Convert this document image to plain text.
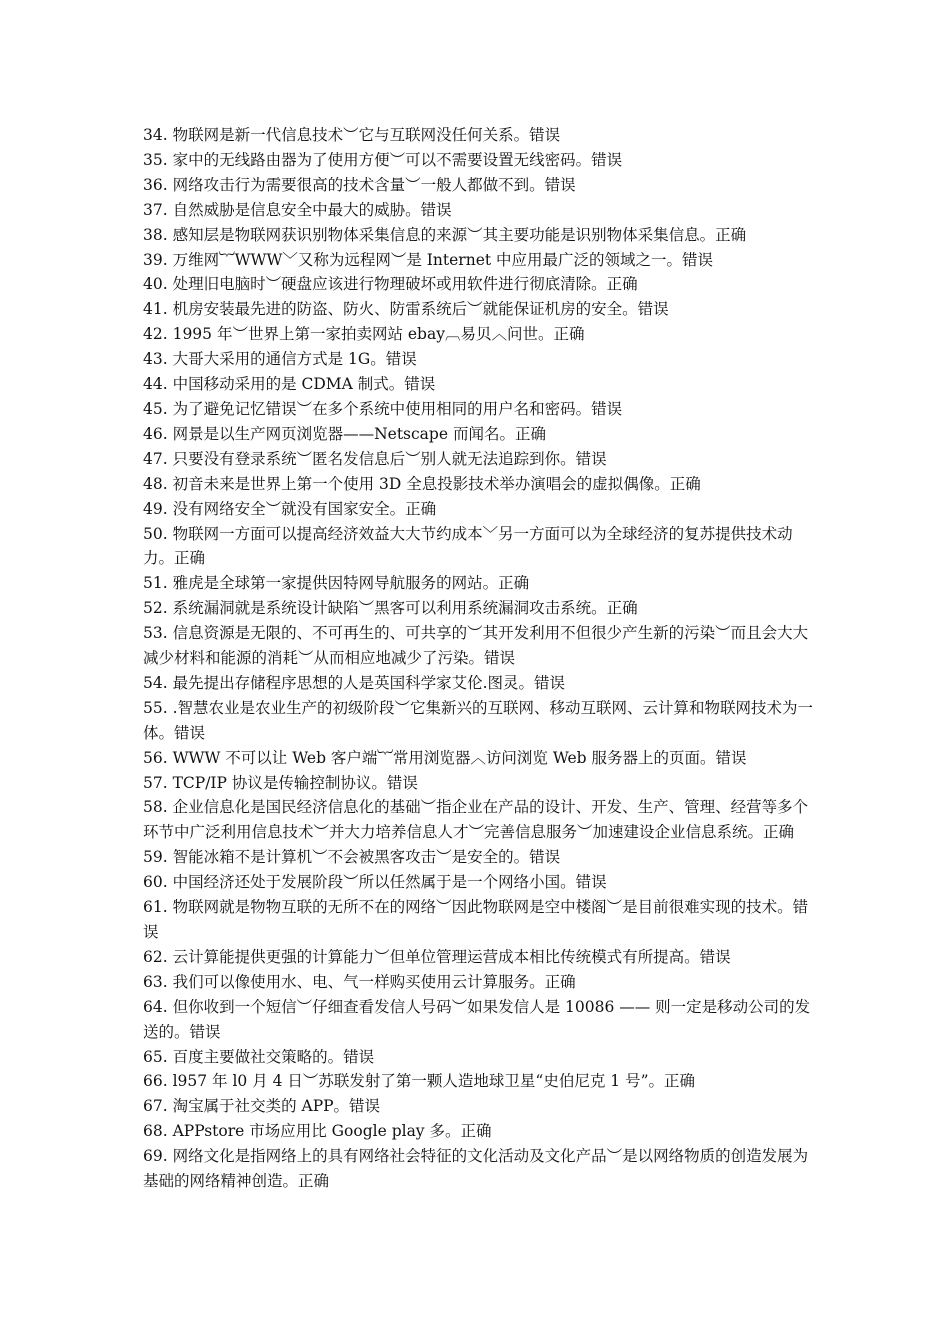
34. 物联网是新一代信息技术︶它与互联网没任何关系。错误

35. 家中的无线路由器为了使用方便︶可以不需要设置无线密码。错误

36. 网络攻击行为需要很高的技术含量︶一般人都做不到。错误

37. 自然威胁是信息安全中最大的威胁。错误

38. 感知层是物联网获识别物体采集信息的来源︶其主要功能是识别物体采集信息。正确

39. 万维网︸WWW﹀又称为远程网︶是 Internet 中应用最广泛的领域之一。错误

40. 处理旧电脑时︶硬盘应该进行物理破坏或用软件进行彻底清除。正确

41. 机房安装最先进的防盗、防火、防雷系统后︶就能保证机房的安全。错误

42. 1995 年︶世界上第一家拍卖网站 ebay︹易贝︿问世。正确

43. 大哥大采用的通信方式是 1G。错误

44. 中国移动采用的是 CDMA 制式。错误

45. 为了避免记忆错误︶在多个系统中使用相同的用户名和密码。错误

46. 网景是以生产网页浏览器——Netscape 而闻名。正确

47. 只要没有登录系统︶匿名发信息后︶别人就无法追踪到你。错误

48. 初音未来是世界上第一个使用 3D 全息投影技术举办演唱会的虚拟偶像。正确

49. 没有网络安全︶就没有国家安全。正确

50. 物联网一方面可以提高经济效益大大节约成本﹀另一方面可以为全球经济的复苏提供技术动力。正确

51. 雅虎是全球第一家提供因特网导航服务的网站。正确

52. 系统漏洞就是系统设计缺陷︶黑客可以利用系统漏洞攻击系统。正确

53. 信息资源是无限的、不可再生的、可共享的︶其开发利用不但很少产生新的污染︶而且会大大减少材料和能源的消耗︶从而相应地减少了污染。错误

54. 最先提出存储程序思想的人是英国科学家艾伦.图灵。错误

55. .智慧农业是农业生产的初级阶段︶它集新兴的互联网、移动互联网、云计算和物联网技术为一体。错误

56. WWW 不可以让 Web 客户端︸常用浏览器︿访问浏览 Web 服务器上的页面。错误

57. TCP/IP 协议是传输控制协议。错误

58. 企业信息化是国民经济信息化的基础︶指企业在产品的设计、开发、生产、管理、经营等多个环节中广泛利用信息技术︶并大力培养信息人才︶完善信息服务︶加速建设企业信息系统。正确

59. 智能冰箱不是计算机︶不会被黑客攻击︶是安全的。错误

60. 中国经济还处于发展阶段︶所以任然属于是一个网络小国。错误

61. 物联网就是物物互联的无所不在的网络︶因此物联网是空中楼阁︶是目前很难实现的技术。错误

62. 云计算能提供更强的计算能力︶但单位管理运营成本相比传统模式有所提高。错误

63. 我们可以像使用水、电、气一样购买使用云计算服务。正确

64. 但你收到一个短信︶仔细查看发信人号码︶如果发信人是 10086 —— 则一定是移动公司的发送的。错误

65. 百度主要做社交策略的。错误

66. l957 年 l0 月 4 日︶苏联发射了第一颗人造地球卫星“史伯尼克 1 号”。正确

67. 淘宝属于社交类的 APP。错误

68. APPstore 市场应用比 Google play 多。正确

69. 网络文化是指网络上的具有网络社会特征的文化活动及文化产品︶是以网络物质的创造发展为基础的网络精神创造。正确
